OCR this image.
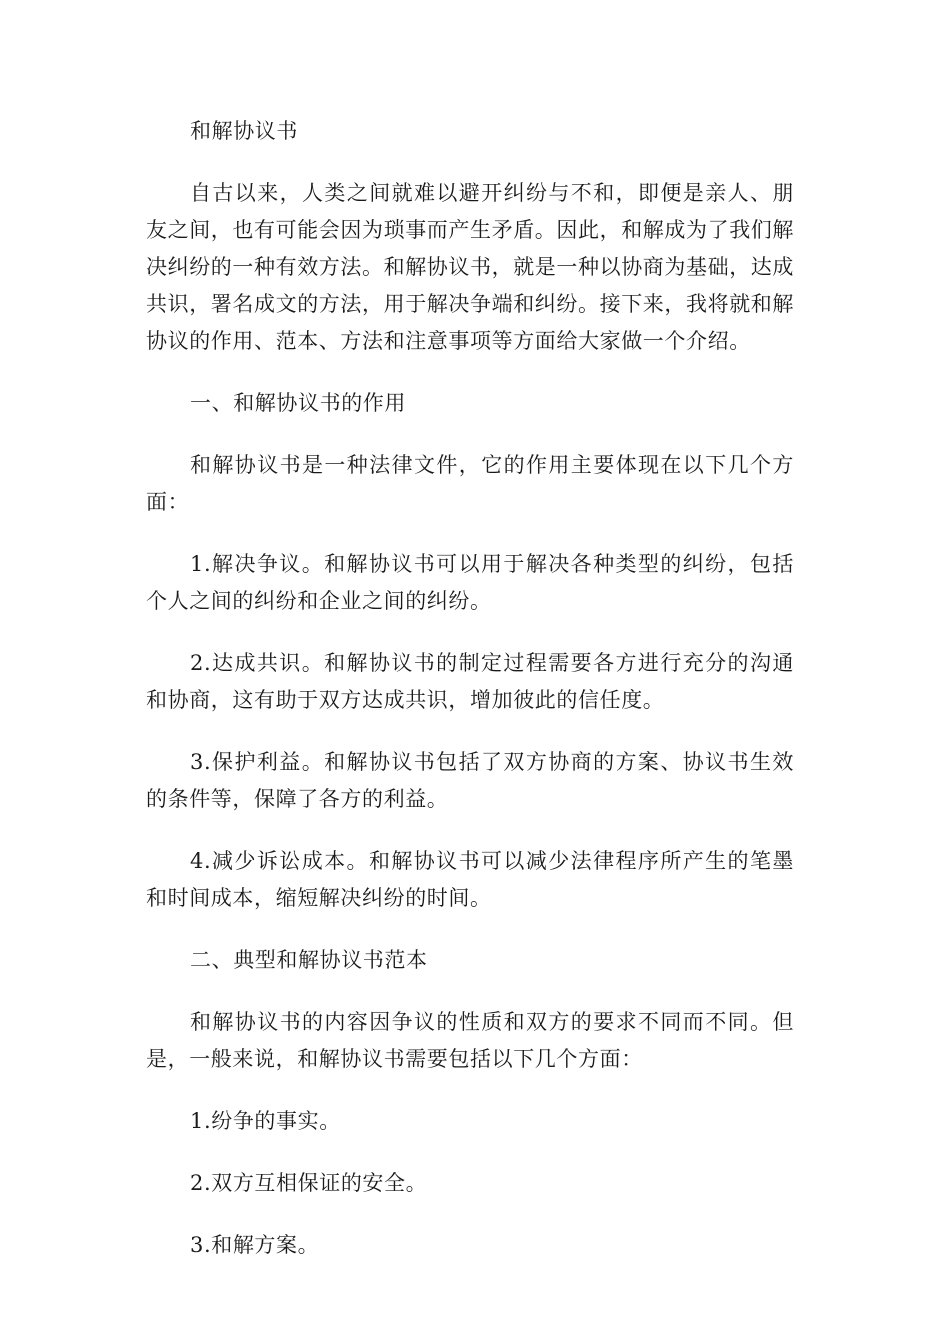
和解协议书

自古以来，人类之间就难以避开纠纷与不和，即便是亲人、朋友之间，也有可能会因为琐事而产生矛盾。因此，和解成为了我们解决纠纷的一种有效方法。和解协议书，就是一种以协商为基础，达成共识，署名成文的方法，用于解决争端和纠纷。接下来，我将就和解协议的作用、范本、方法和注意事项等方面给大家做一个介绍。

一、和解协议书的作用

和解协议书是一种法律文件，它的作用主要体现在以下几个方面：

1.解决争议。和解协议书可以用于解决各种类型的纠纷，包括个人之间的纠纷和企业之间的纠纷。

2.达成共识。和解协议书的制定过程需要各方进行充分的沟通和协商，这有助于双方达成共识，增加彼此的信任度。

3.保护利益。和解协议书包括了双方协商的方案、协议书生效的条件等，保障了各方的利益。

4.减少诉讼成本。和解协议书可以减少法律程序所产生的笔墨和时间成本，缩短解决纠纷的时间。

二、典型和解协议书范本

和解协议书的内容因争议的性质和双方的要求不同而不同。但是，一般来说，和解协议书需要包括以下几个方面：

1.纷争的事实。

2.双方互相保证的安全。

3.和解方案。
